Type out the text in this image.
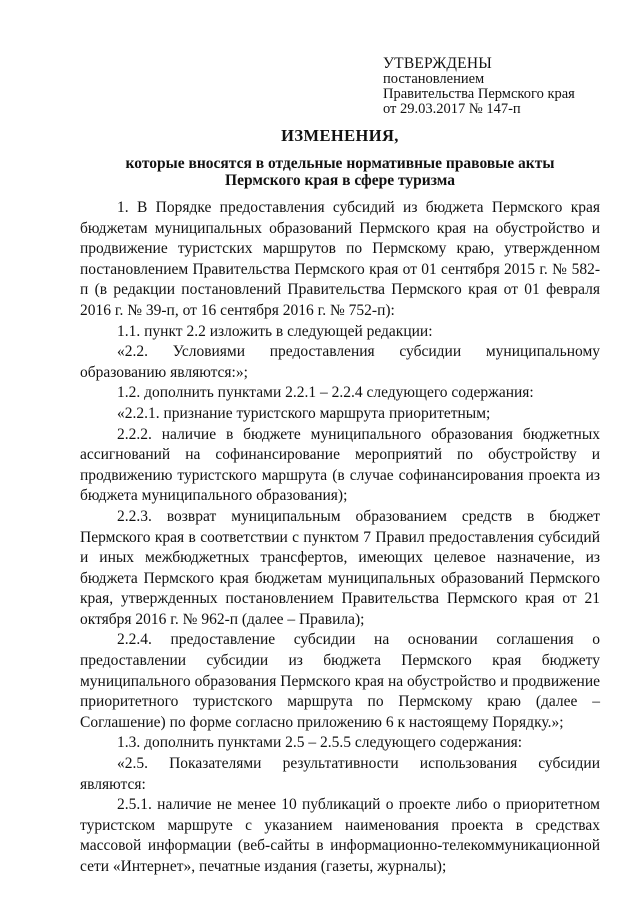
УТВЕРЖДЕНЫ
постановлением
Правительства Пермского края
от 29.03.2017 № 147-п
ИЗМЕНЕНИЯ,
которые вносятся в отдельные нормативные правовые акты
Пермского края в сфере туризма

1. В Порядке предоставления субсидий из бюджета Пермского края бюджетам муниципальных образований Пермского края на обустройство и продвижение туристских маршрутов по Пермскому краю, утвержденном постановлением Правительства Пермского края от 01 сентября 2015 г. № 582-п (в редакции постановлений Правительства Пермского края от 01 февраля 2016 г. № 39-п, от 16 сентября 2016 г. № 752-п):

1.1. пункт 2.2 изложить в следующей редакции:

«2.2. Условиями предоставления субсидии муниципальному образованию являются:»;

1.2. дополнить пунктами 2.2.1 – 2.2.4 следующего содержания:

«2.2.1. признание туристского маршрута приоритетным;

2.2.2. наличие в бюджете муниципального образования бюджетных ассигнований на софинансирование мероприятий по обустройству и продвижению туристского маршрута (в случае софинансирования проекта из бюджета муниципального образования);

2.2.3. возврат муниципальным образованием средств в бюджет Пермского края в соответствии с пунктом 7 Правил предоставления субсидий и иных межбюджетных трансфертов, имеющих целевое назначение, из бюджета Пермского края бюджетам муниципальных образований Пермского края, утвержденных постановлением Правительства Пермского края от 21 октября 2016 г. № 962-п (далее – Правила);

2.2.4. предоставление субсидии на основании соглашения о предоставлении субсидии из бюджета Пермского края бюджету муниципального образования Пермского края на обустройство и продвижение приоритетного туристского маршрута по Пермскому краю (далее – Соглашение) по форме согласно приложению 6 к настоящему Порядку.»;

1.3. дополнить пунктами 2.5 – 2.5.5 следующего содержания:

«2.5. Показателями результативности использования субсидии являются:

2.5.1. наличие не менее 10 публикаций о проекте либо о приоритетном туристском маршруте с указанием наименования проекта в средствах массовой информации (веб-сайты в информационно-телекоммуникационной сети «Интернет», печатные издания (газеты, журналы);
